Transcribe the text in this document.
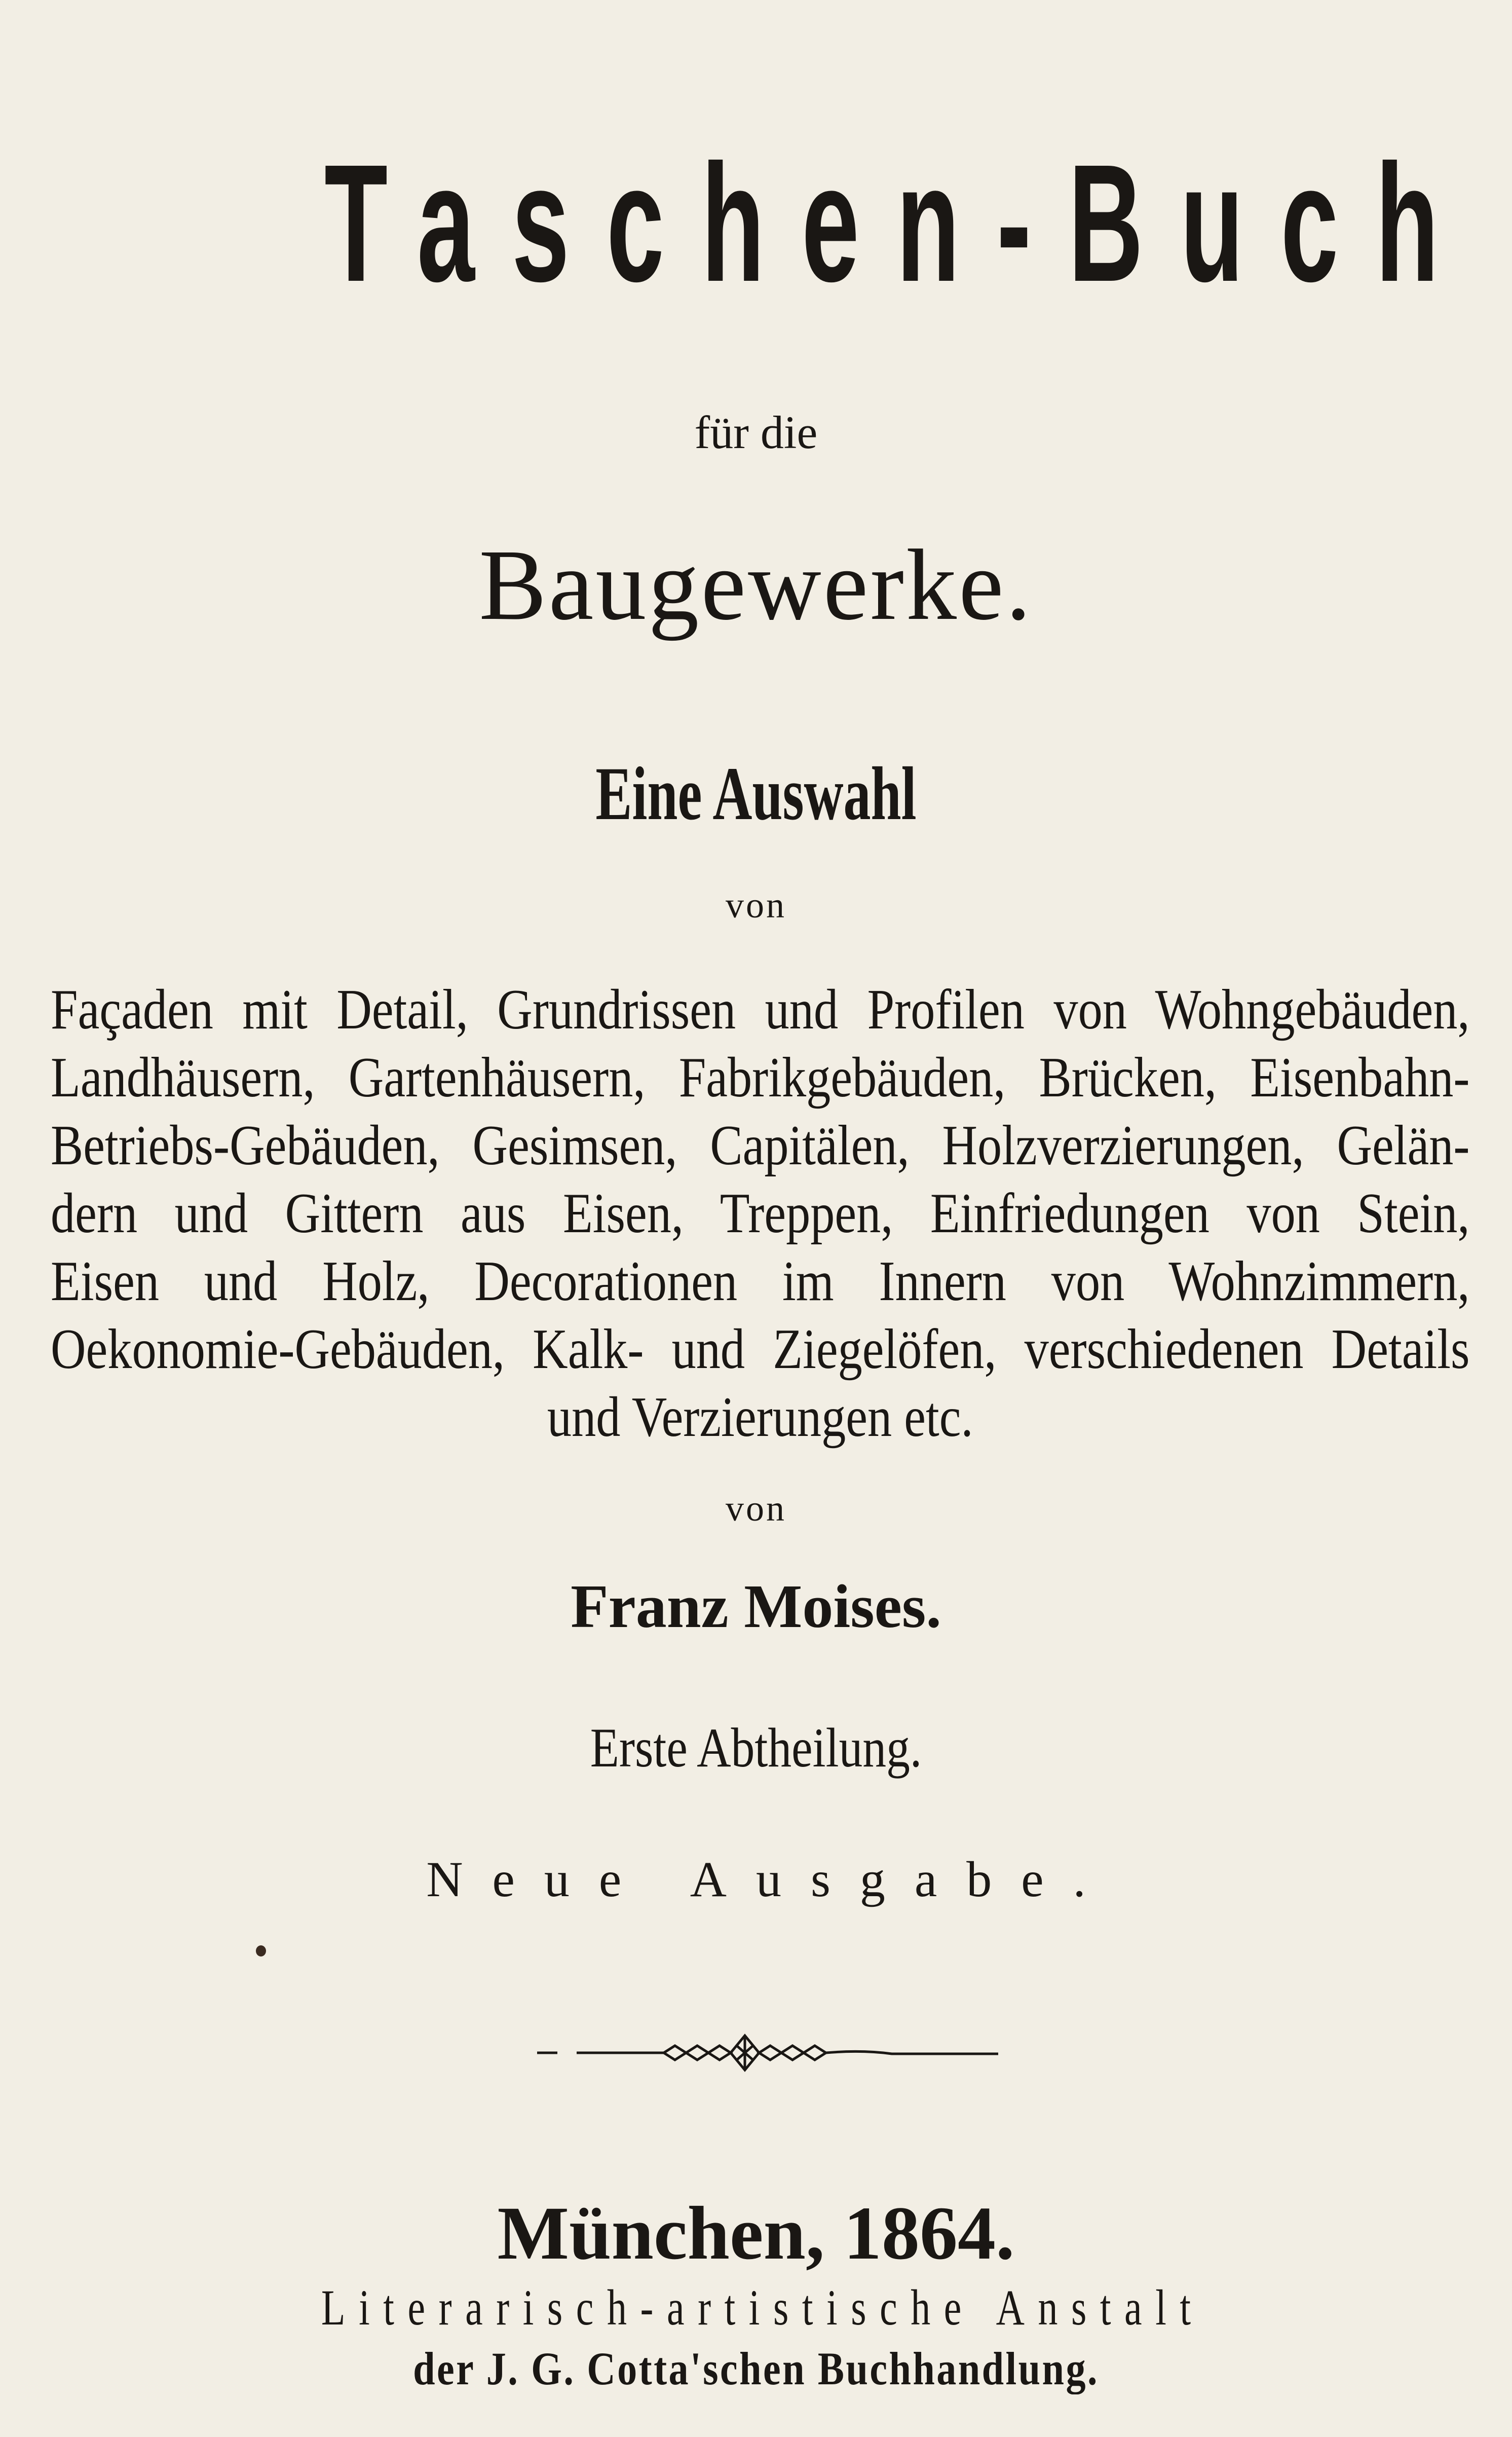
Taschen-Buch
für die
Baugewerke.
Eine Auswahl
von
Façaden mit Detail, Grundrissen und Profilen von Wohngebäuden,
Landhäusern, Gartenhäusern, Fabrikgebäuden, Brücken, Eisenbahn-
Betriebs-Gebäuden, Gesimsen, Capitälen, Holzverzierungen, Gelän-
dern und Gittern aus Eisen, Treppen, Einfriedungen von Stein,
Eisen und Holz, Decorationen im Innern von Wohnzimmern,
Oekonomie-Gebäuden, Kalk- und Ziegelöfen, verschiedenen Details
und Verzierungen etc.
von
Franz Moises.
Erste Abtheilung.
Neue Ausgabe.
München, 1864.
Literarisch-artistische Anstalt
der J. G. Cotta'schen Buchhandlung.
